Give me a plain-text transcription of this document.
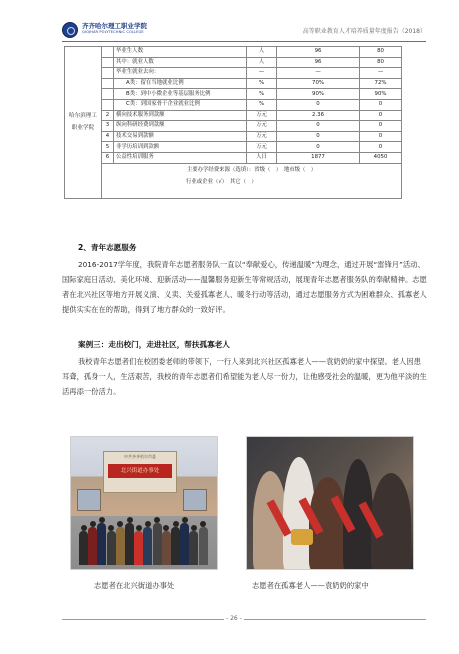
齐齐哈尔理工职业学院
QIQIHAR POLYTECHNIC COLLEGE	高等职业教育人才培养质量年度报告（2018）
哈尔滨理工职业学院		毕业生人数	人	96	80
		其中：就业人数	人	96	80
		毕业生就业去向：	—	—	—
		A类：留在当地就业比例	%	70%	72%
		B类：到中小微企业等基层服务比例	%	90%	90%
		C类：到国家骨干企业就业比例	%	0	0
	2	横向技术服务到款额	万元	2.36	0
	3	纵向科研经费到款额	万元	0	0
	4	技术交易到款额	万元	0	0
	5	非学历培训到款额	万元	0	0
	6	公益性培训服务	人日	1877	4050
	主要办学经费来源（选填）：省级（　）　地市级（　）
行业或企业（√）　其它（　）				
2、青年志愿服务
2016-2017学年度，我院青年志愿者服务队一直以“奉献爱心，传递温暖”为理念，通过开展“雷锋月”活动、国际家庭日活动、美化环境、迎新活动——温馨服务迎新生等常规活动，展现青年志愿者服务队的奉献精神。志愿者在北兴社区等地方开展义演、义卖、关爱孤寡老人、暖冬行动等活动，通过志愿服务方式为困难群众、孤寡老人提供实实在在的帮助，得到了地方群众的一致好评。
案例三：走出校门，走进社区，帮扶孤寡老人
我校青年志愿者们在校团委老师的带领下，一行人来到北兴社区孤寡老人——袁奶奶的家中探望。老人因患耳聋，孤身一人，生活艰苦，我校的青年志愿者们希望能为老人尽一份力，让他感受社会的温暖，更为他平淡的生活再添一份活力。
中共齐齐哈尔市委
北兴街道办事处
志愿者在北兴街道办事处	志愿者在孤寡老人——袁奶奶的家中
- 26 -
